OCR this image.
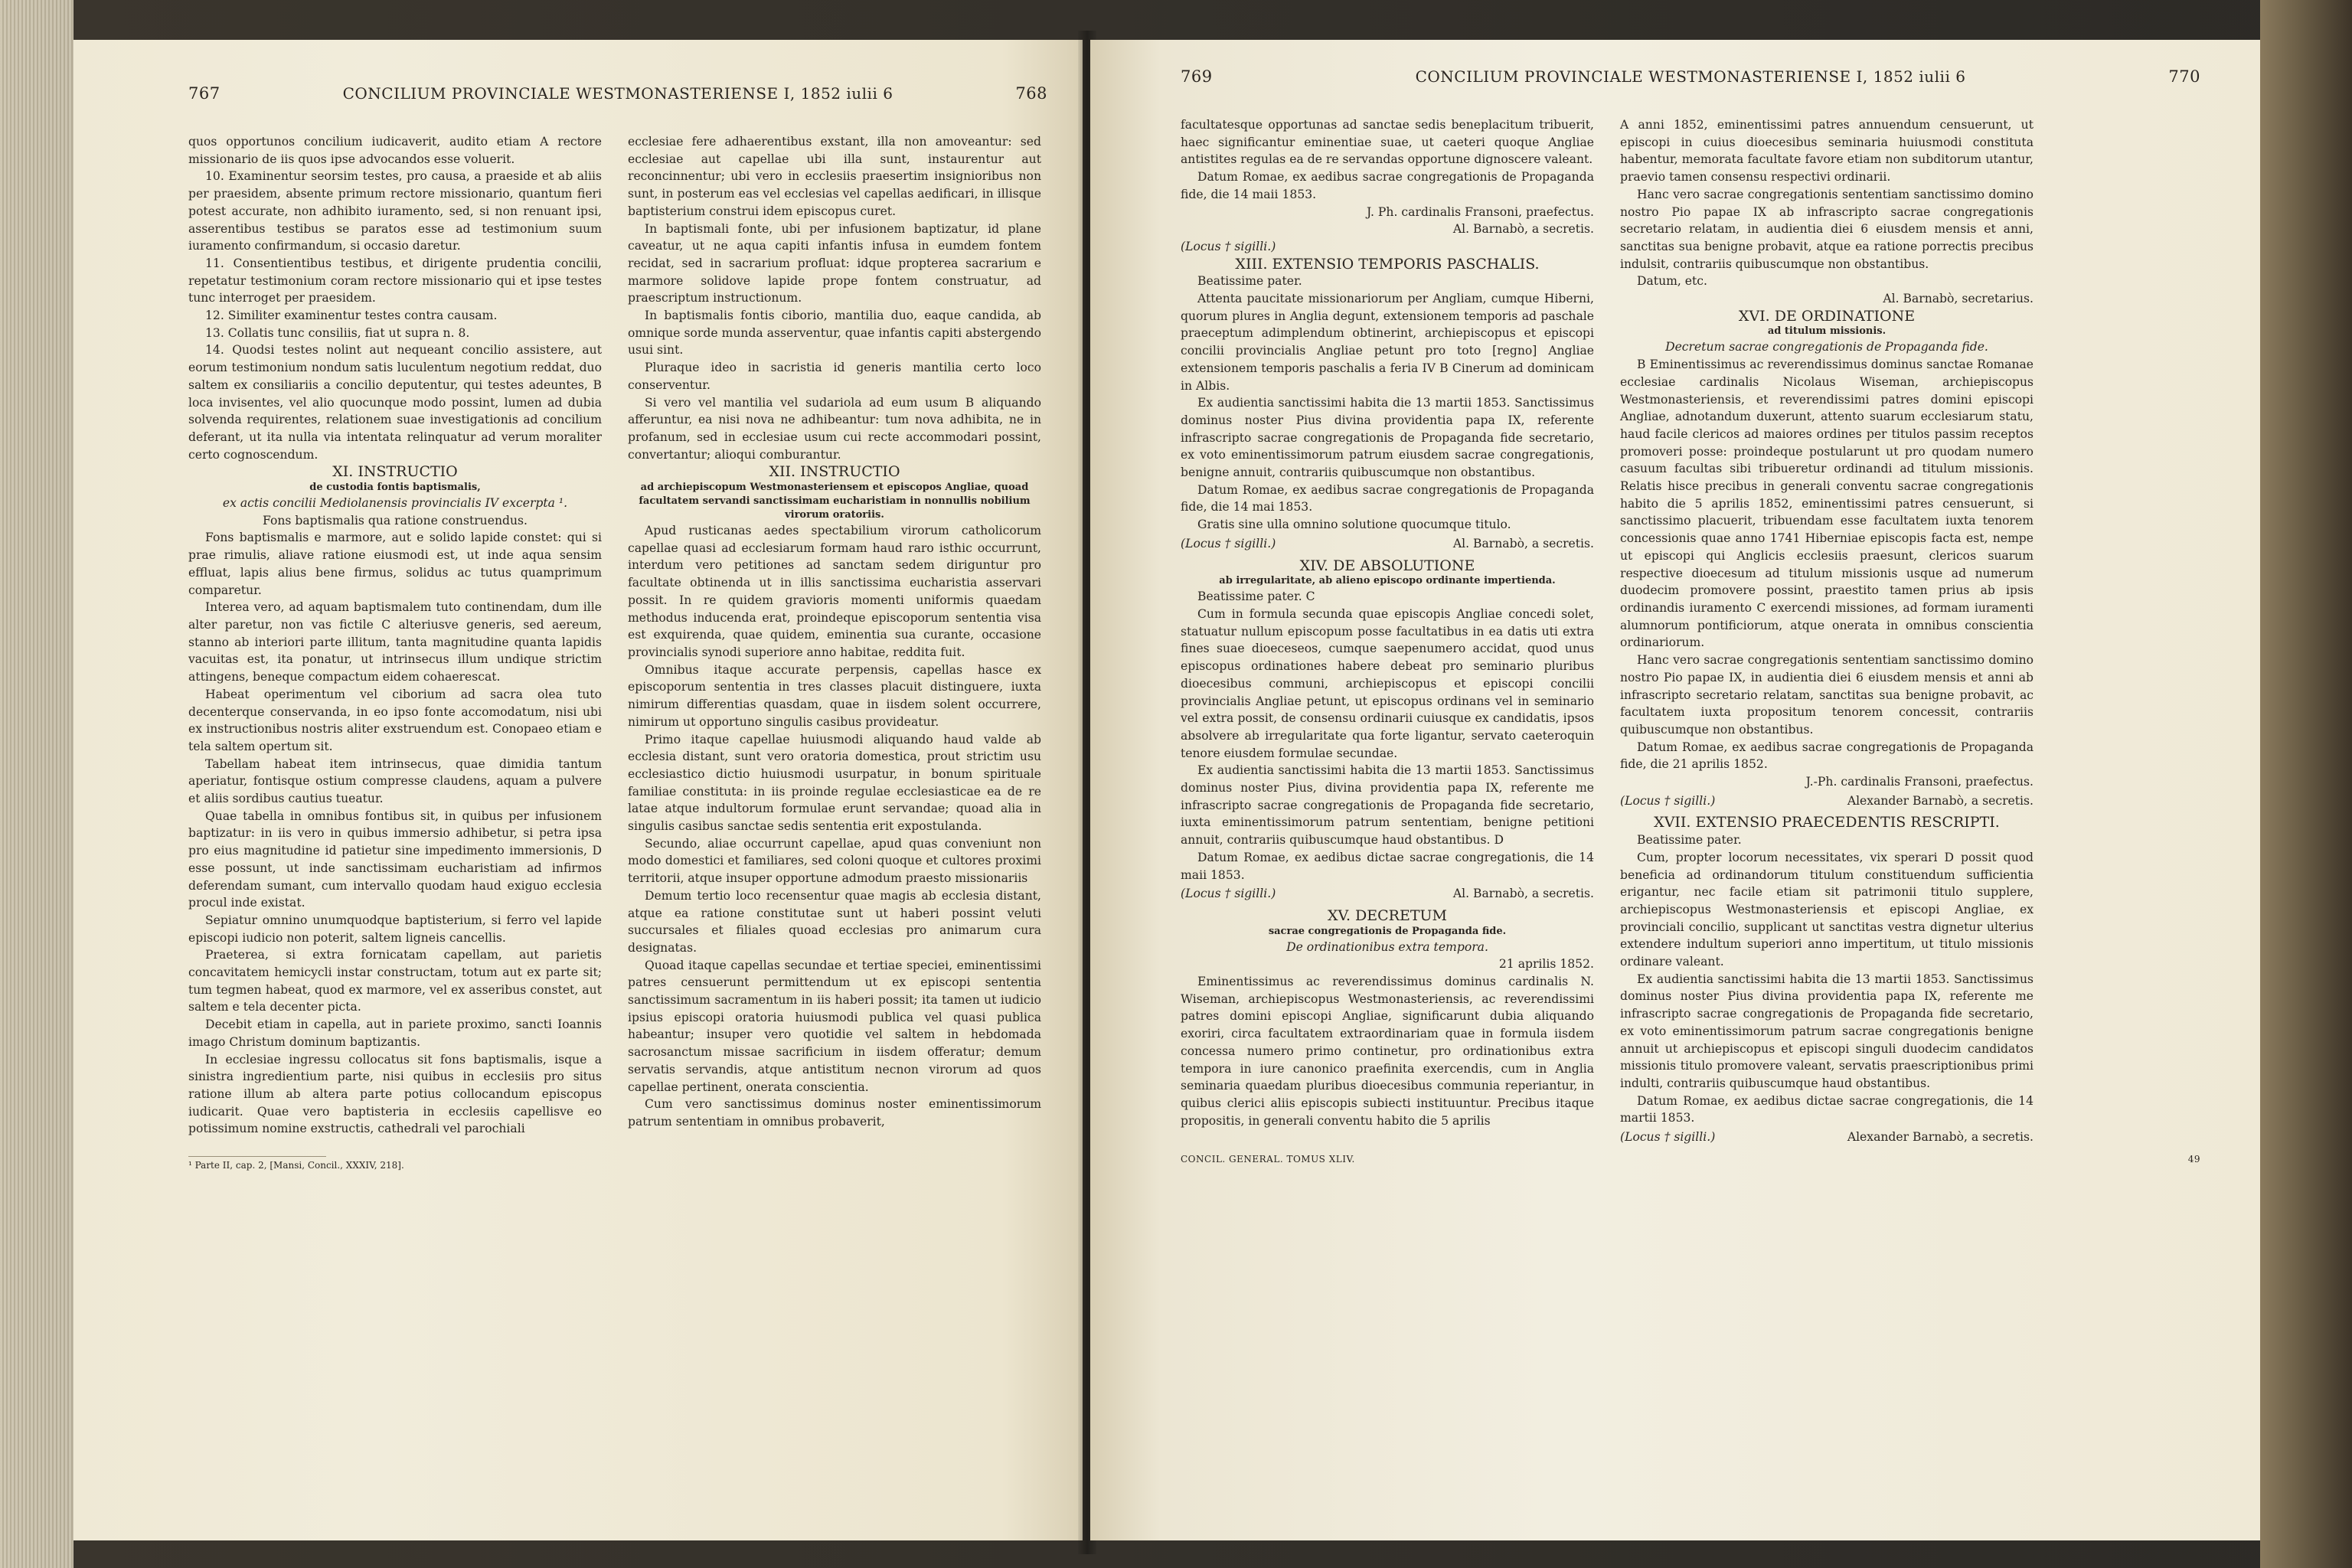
767	CONCILIUM PROVINCIALE WESTMONASTERIENSE I, 1852 iulii 6	768

quos opportunos concilium iudicaverit, audito etiam A rectore missionario de iis quos ipse advocandos esse voluerit.

10. Examinentur seorsim testes, pro causa, a praeside et ab aliis per praesidem, absente primum rectore missionario, quantum fieri potest accurate, non adhibito iuramento, sed, si non renuant ipsi, asserentibus testibus se paratos esse ad testimonium suum iuramento confirmandum, si occasio daretur.

11. Consentientibus testibus, et dirigente prudentia concilii, repetatur testimonium coram rectore missionario qui et ipse testes tunc interroget per praesidem.

12. Similiter examinentur testes contra causam.

13. Collatis tunc consiliis, fiat ut supra n. 8.

14. Quodsi testes nolint aut nequeant concilio assistere, aut eorum testimonium nondum satis luculentum negotium reddat, duo saltem ex consiliariis a concilio deputentur, qui testes adeuntes, B loca invisentes, vel alio quocunque modo possint, lumen ad dubia solvenda requirentes, relationem suae investigationis ad concilium deferant, ut ita nulla via intentata relinquatur ad verum moraliter certo cognoscendum.

XI. INSTRUCTIO

de custodia fontis baptismalis,

ex actis concilii Mediolanensis provincialis IV excerpta ¹.

Fons baptismalis qua ratione construendus.

Fons baptismalis e marmore, aut e solido lapide constet: qui si prae rimulis, aliave ratione eiusmodi est, ut inde aqua sensim effluat, lapis alius bene firmus, solidus ac tutus quamprimum comparetur.

Interea vero, ad aquam baptismalem tuto continendam, dum ille alter paretur, non vas fictile C alteriusve generis, sed aereum, stanno ab interiori parte illitum, tanta magnitudine quanta lapidis vacuitas est, ita ponatur, ut intrinsecus illum undique strictim attingens, beneque compactum eidem cohaerescat.

Habeat operimentum vel ciborium ad sacra olea tuto decenterque conservanda, in eo ipso fonte accomodatum, nisi ubi ex instructionibus nostris aliter exstruendum est. Conopaeo etiam e tela saltem opertum sit.

Tabellam habeat item intrinsecus, quae dimidia tantum aperiatur, fontisque ostium compresse claudens, aquam a pulvere et aliis sordibus cautius tueatur.

Quae tabella in omnibus fontibus sit, in quibus per infusionem baptizatur: in iis vero in quibus immersio adhibetur, si petra ipsa pro eius magnitudine id patietur sine impedimento immersionis, D esse possunt, ut inde sanctissimam eucharistiam ad infirmos deferendam sumant, cum intervallo quodam haud exiguo ecclesia procul inde existat.

Sepiatur omnino unumquodque baptisterium, si ferro vel lapide episcopi iudicio non poterit, saltem ligneis cancellis.

Praeterea, si extra fornicatam capellam, aut parietis concavitatem hemicycli instar constructam, totum aut ex parte sit; tum tegmen habeat, quod ex marmore, vel ex asseribus constet, aut saltem e tela decenter picta.

Decebit etiam in capella, aut in pariete proximo, sancti Ioannis imago Christum dominum baptizantis.

In ecclesiae ingressu collocatus sit fons baptismalis, isque a sinistra ingredientium parte, nisi quibus in ecclesiis pro situs ratione illum ab altera parte potius collocandum episcopus iudicarit. Quae vero baptisteria in ecclesiis capellisve eo potissimum nomine exstructis, cathedrali vel parochiali

ecclesiae fere adhaerentibus exstant, illa non amoveantur: sed ecclesiae aut capellae ubi illa sunt, instaurentur aut reconcinnentur; ubi vero in ecclesiis praesertim insignioribus non sunt, in posterum eas vel ecclesias vel capellas aedificari, in illisque baptisterium construi idem episcopus curet.

In baptismali fonte, ubi per infusionem baptizatur, id plane caveatur, ut ne aqua capiti infantis infusa in eumdem fontem recidat, sed in sacrarium profluat: idque propterea sacrarium e marmore solidove lapide prope fontem construatur, ad praescriptum instructionum.

In baptismalis fontis ciborio, mantilia duo, eaque candida, ab omnique sorde munda asserventur, quae infantis capiti abstergendo usui sint.

Pluraque ideo in sacristia id generis mantilia certo loco conserventur.

Si vero vel mantilia vel sudariola ad eum usum B aliquando afferuntur, ea nisi nova ne adhibeantur: tum nova adhibita, ne in profanum, sed in ecclesiae usum cui recte accommodari possint, convertantur; alioqui comburantur.

XII. INSTRUCTIO

ad archiepiscopum Westmonasteriensem et episcopos Angliae, quoad facultatem servandi sanctissimam eucharistiam in nonnullis nobilium virorum oratoriis.

Apud rusticanas aedes spectabilium virorum catholicorum capellae quasi ad ecclesiarum formam haud raro isthic occurrunt, interdum vero petitiones ad sanctam sedem diriguntur pro facultate obtinenda ut in illis sanctissima eucharistia asservari possit. In re quidem gravioris momenti uniformis quaedam methodus inducenda erat, proindeque episcoporum sententia visa est exquirenda, quae quidem, eminentia sua curante, occasione provincialis synodi superiore anno habitae, reddita fuit.

Omnibus itaque accurate perpensis, capellas hasce ex episcoporum sententia in tres classes placuit distinguere, iuxta nimirum differentias quasdam, quae in iisdem solent occurrere, nimirum ut opportuno singulis casibus provideatur.

Primo itaque capellae huiusmodi aliquando haud valde ab ecclesia distant, sunt vero oratoria domestica, prout strictim usu ecclesiastico dictio huiusmodi usurpatur, in bonum spirituale familiae constituta: in iis proinde regulae ecclesiasticae ea de re latae atque indultorum formulae erunt servandae; quoad alia in singulis casibus sanctae sedis sententia erit expostulanda.

Secundo, aliae occurrunt capellae, apud quas conveniunt non modo domestici et familiares, sed coloni quoque et cultores proximi territorii, atque insuper opportune admodum praesto missionariis

Demum tertio loco recensentur quae magis ab ecclesia distant, atque ea ratione constitutae sunt ut haberi possint veluti succursales et filiales quoad ecclesias pro animarum cura designatas.

Quoad itaque capellas secundae et tertiae speciei, eminentissimi patres censuerunt permittendum ut ex episcopi sententia sanctissimum sacramentum in iis haberi possit; ita tamen ut iudicio ipsius episcopi oratoria huiusmodi publica vel quasi publica habeantur; insuper vero quotidie vel saltem in hebdomada sacrosanctum missae sacrificium in iisdem offeratur; demum servatis servandis, atque antistitum necnon virorum ad quos capellae pertinent, onerata conscientia.

Cum vero sanctissimus dominus noster eminentissimorum patrum sententiam in omnibus probaverit,

¹ Parte II, cap. 2, [Mansi, Concil., XXXIV, 218].
769	CONCILIUM PROVINCIALE WESTMONASTERIENSE I, 1852 iulii 6	770

facultatesque opportunas ad sanctae sedis beneplacitum tribuerit, haec significantur eminentiae suae, ut caeteri quoque Angliae antistites regulas ea de re servandas opportune dignoscere valeant.

Datum Romae, ex aedibus sacrae congregationis de Propaganda fide, die 14 maii 1853.

J. Ph. cardinalis Fransoni, praefectus.

Al. Barnabò, a secretis.

(Locus † sigilli.)

XIII. EXTENSIO TEMPORIS PASCHALIS.

Beatissime pater.

Attenta paucitate missionariorum per Angliam, cumque Hiberni, quorum plures in Anglia degunt, extensionem temporis ad paschale praeceptum adimplendum obtinerint, archiepiscopus et episcopi concilii provincialis Angliae petunt pro toto [regno] Angliae extensionem temporis paschalis a feria IV B Cinerum ad dominicam in Albis.

Ex audientia sanctissimi habita die 13 martii 1853. Sanctissimus dominus noster Pius divina providentia papa IX, referente infrascripto sacrae congregationis de Propaganda fide secretario, ex voto eminentissimorum patrum eiusdem sacrae congregationis, benigne annuit, contrariis quibuscumque non obstantibus.

Datum Romae, ex aedibus sacrae congregationis de Propaganda fide, die 14 mai 1853.

Gratis sine ulla omnino solutione quocumque titulo.

(Locus † sigilli.)	Al. Barnabò, a secretis.

XIV. DE ABSOLUTIONE

ab irregularitate, ab alieno episcopo ordinante impertienda.

Beatissime pater. C

Cum in formula secunda quae episcopis Angliae concedi solet, statuatur nullum episcopum posse facultatibus in ea datis uti extra fines suae dioeceseos, cumque saepenumero accidat, quod unus episcopus ordinationes habere debeat pro seminario pluribus dioecesibus communi, archiepiscopus et episcopi concilii provincialis Angliae petunt, ut episcopus ordinans vel in seminario vel extra possit, de consensu ordinarii cuiusque ex candidatis, ipsos absolvere ab irregularitate qua forte ligantur, servato caeteroquin tenore eiusdem formulae secundae.

Ex audientia sanctissimi habita die 13 martii 1853. Sanctissimus dominus noster Pius, divina providentia papa IX, referente me infrascripto sacrae congregationis de Propaganda fide secretario, iuxta eminentissimorum patrum sententiam, benigne petitioni annuit, contrariis quibuscumque haud obstantibus. D

Datum Romae, ex aedibus dictae sacrae congregationis, die 14 maii 1853.

(Locus † sigilli.)	Al. Barnabò, a secretis.

XV. DECRETUM

sacrae congregationis de Propaganda fide.

De ordinationibus extra tempora.

21 aprilis 1852.

Eminentissimus ac reverendissimus dominus cardinalis N. Wiseman, archiepiscopus Westmonasteriensis, ac reverendissimi patres domini episcopi Angliae, significarunt dubia aliquando exoriri, circa facultatem extraordinariam quae in formula iisdem concessa numero primo continetur, pro ordinationibus extra tempora in iure canonico praefinita exercendis, cum in Anglia seminaria quaedam pluribus dioecesibus communia reperiantur, in quibus clerici aliis episcopis subiecti instituuntur. Precibus itaque propositis, in generali conventu habito die 5 aprilis

A anni 1852, eminentissimi patres annuendum censuerunt, ut episcopi in cuius dioecesibus seminaria huiusmodi constituta habentur, memorata facultate favore etiam non subditorum utantur, praevio tamen consensu respectivi ordinarii.

Hanc vero sacrae congregationis sententiam sanctissimo domino nostro Pio papae IX ab infrascripto sacrae congregationis secretario relatam, in audientia diei 6 eiusdem mensis et anni, sanctitas sua benigne probavit, atque ea ratione porrectis precibus indulsit, contrariis quibuscumque non obstantibus.

Datum, etc.

Al. Barnabò, secretarius.

XVI. DE ORDINATIONE

ad titulum missionis.

Decretum sacrae congregationis de Propaganda fide.

B Eminentissimus ac reverendissimus dominus sanctae Romanae ecclesiae cardinalis Nicolaus Wiseman, archiepiscopus Westmonasteriensis, et reverendissimi patres domini episcopi Angliae, adnotandum duxerunt, attento suarum ecclesiarum statu, haud facile clericos ad maiores ordines per titulos passim receptos promoveri posse: proindeque postularunt ut pro quodam numero casuum facultas sibi tribueretur ordinandi ad titulum missionis. Relatis hisce precibus in generali conventu sacrae congregationis habito die 5 aprilis 1852, eminentissimi patres censuerunt, si sanctissimo placuerit, tribuendam esse facultatem iuxta tenorem concessionis quae anno 1741 Hiberniae episcopis facta est, nempe ut episcopi qui Anglicis ecclesiis praesunt, clericos suarum respective dioecesum ad titulum missionis usque ad numerum duodecim promovere possint, praestito tamen prius ab ipsis ordinandis iuramento C exercendi missiones, ad formam iuramenti alumnorum pontificiorum, atque onerata in omnibus conscientia ordinariorum.

Hanc vero sacrae congregationis sententiam sanctissimo domino nostro Pio papae IX, in audientia diei 6 eiusdem mensis et anni ab infrascripto secretario relatam, sanctitas sua benigne probavit, ac facultatem iuxta propositum tenorem concessit, contrariis quibuscumque non obstantibus.

Datum Romae, ex aedibus sacrae congregationis de Propaganda fide, die 21 aprilis 1852.

J.-Ph. cardinalis Fransoni, praefectus.

(Locus † sigilli.)	Alexander Barnabò, a secretis.

XVII. EXTENSIO PRAECEDENTIS RESCRIPTI.

Beatissime pater.

Cum, propter locorum necessitates, vix sperari D possit quod beneficia ad ordinandorum titulum constituendum sufficientia erigantur, nec facile etiam sit patrimonii titulo supplere, archiepiscopus Westmonasteriensis et episcopi Angliae, ex provinciali concilio, supplicant ut sanctitas vestra dignetur ulterius extendere indultum superiori anno impertitum, ut titulo missionis ordinare valeant.

Ex audientia sanctissimi habita die 13 martii 1853. Sanctissimus dominus noster Pius divina providentia papa IX, referente me infrascripto sacrae congregationis de Propaganda fide secretario, ex voto eminentissimorum patrum sacrae congregationis benigne annuit ut archiepiscopus et episcopi singuli duodecim candidatos missionis titulo promovere valeant, servatis praescriptionibus primi indulti, contrariis quibuscumque haud obstantibus.

Datum Romae, ex aedibus dictae sacrae congregationis, die 14 martii 1853.

(Locus † sigilli.)	Alexander Barnabò, a secretis.
CONCIL. GENERAL. TOMUS XLIV.	49
